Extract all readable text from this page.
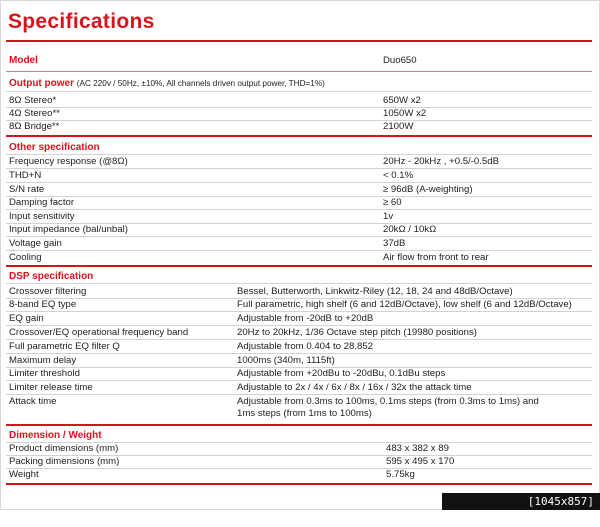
Specifications
Model	Duo650
Output power (AC 220v / 50Hz, ±10%, All channels driven output power, THD=1%)
8Ω Stereo*	650W x2
4Ω Stereo**	1050W x2
8Ω Bridge**	2100W
Other specification
Frequency response (@8Ω)	20Hz - 20kHz , +0.5/-0.5dB
THD+N	< 0.1%
S/N rate	≥ 96dB (A-weighting)
Damping factor	≥ 60
Input sensitivity	1v
Input impedance (bal/unbal)	20kΩ / 10kΩ
Voltage gain	37dB
Cooling	Air flow from front to rear
DSP specification
Crossover filtering	Bessel, Butterworth, Linkwitz-Riley (12, 18, 24 and 48dB/Octave)
8-band EQ type	Full parametric, high shelf (6 and 12dB/Octave), low shelf (6 and 12dB/Octave)
EQ gain	Adjustable from -20dB to +20dB
Crossover/EQ operational frequency band	20Hz to 20kHz, 1/36 Octave step pitch (19980 positions)
Full parametric EQ filter Q	Adjustable from 0.404 to 28.852
Maximum delay	1000ms (340m, 1115ft)
Limiter threshold	Adjustable from +20dBu to -20dBu, 0.1dBu steps
Limiter release time	Adjustable to 2x / 4x / 6x / 8x / 16x / 32x the attack time
Attack time	Adjustable from 0.3ms to 100ms, 0.1ms steps (from 0.3ms to 1ms) and
1ms steps (from 1ms to 100ms)
Dimension / Weight
Product dimensions (mm)	483 x 382 x 89
Packing dimensions (mm)	595 x 495 x 170
Weight	5.75kg
[1045x857] http://upic.me/
